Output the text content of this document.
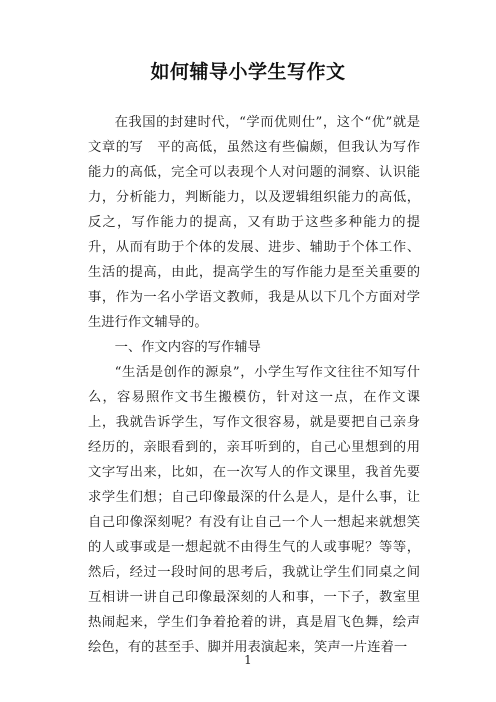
如何辅导小学生写作文

在我国的封建时代，“学而优则仕”，这个“优”就是文章的写　平的高低，虽然这有些偏颇，但我认为写作能力的高低，完全可以表现个人对问题的洞察、认识能力，分析能力，判断能力，以及逻辑组织能力的高低，反之，写作能力的提高，又有助于这些多种能力的提升，从而有助于个体的发展、进步、辅助于个体工作、生活的提高，由此，提高学生的写作能力是至关重要的事，作为一名小学语文教师，我是从以下几个方面对学生进行作文辅导的。

一、作文内容的写作辅导

“生活是创作的源泉”，小学生写作文往往不知写什么，容易照作文书生搬模仿，针对这一点，在作文课上，我就告诉学生，写作文很容易，就是要把自己亲身经历的，亲眼看到的，亲耳听到的，自己心里想到的用文字写出来，比如，在一次写人的作文课里，我首先要求学生们想；自己印像最深的什么是人，是什么事，让自己印像深刻呢？有没有让自己一个人一想起来就想笑的人或事或是一想起就不由得生气的人或事呢？等等，然后，经过一段时间的思考后，我就让学生们同桌之间互相讲一讲自己印像最深刻的人和事，一下子，教室里热闹起来，学生们争着抢着的讲，真是眉飞色舞，绘声绘色，有的甚至手、脚并用表演起来，笑声一片连着一

1
